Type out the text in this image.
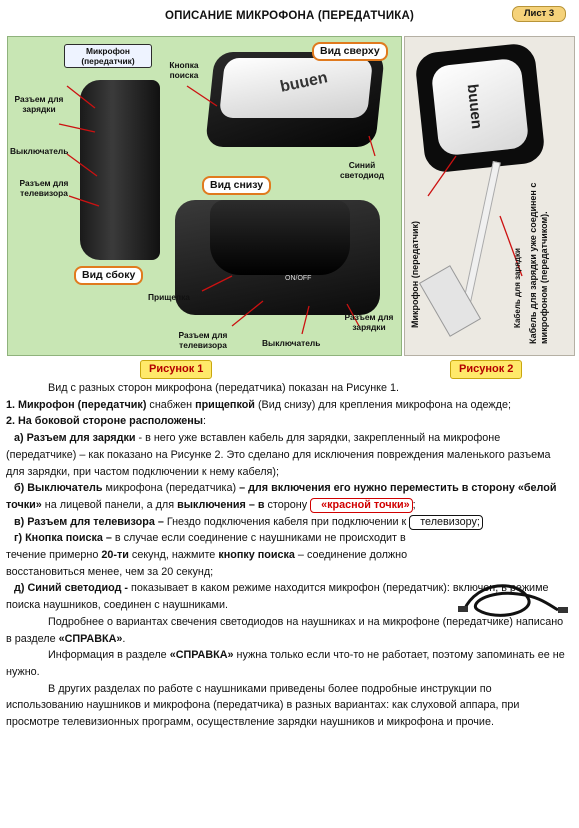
ОПИСАНИЕ МИКРОФОНА (ПЕРЕДАТЧИКА)	Лист 3
buuen
ON/OFF
Микрофон (передатчик)
Разъем для зарядки
Выключатель
Разъем для телевизора
Кнопка поиска
Вид сверху
Синий светодиод
Вид снизу
Вид сбоку
Прищепка
Разъем для телевизора	Выключатель
Разъем для зарядки
Рисунок 1
buuen
Микрофон (передатчик)	Кабель для зарядки Кабель для зарядки уже соединен с микрофоном (передатчиком).
Рисунок 2

Вид с разных сторон микрофона (передатчика) показан на Рисунке 1.

1. Микрофон (передатчик) снабжен прищепкой (Вид снизу) для крепления микрофона на одежде;

2. На боковой стороне расположены:

а) Разъем для зарядки - в него уже вставлен кабель для зарядки, закрепленный на микрофоне (передатчике) – как показано на Рисунке 2. Это сделано для исключения повреждения маленького разъема для зарядки, при частом подключении к нему кабеля);

б) Выключатель микрофона (передатчика) – для включения его нужно переместить в сторону «белой точки» на лицевой панели, а для выключения – в сторону «красной точки» ;

в) Разъем для телевизора – Гнездо подключения кабеля при подключении к телевизору;

г) Кнопка поиска – в случае если соединение с наушниками не происходит в течение примерно 20-ти секунд, нажмите кнопку поиска – соединение должно восстановиться менее, чем за 20 секунд;

д) Синий светодиод - показывает в каком режиме находится микрофон (передатчик): включен, в режиме поиска наушников, соединен с наушниками.

Подробнее о вариантах свечения светодиодов на наушниках и на микрофоне (передатчике) написано в разделе «СПРАВКА».

Информация в разделе «СПРАВКА» нужна только если что-то не работает, поэтому запоминать ее не нужно.

В других разделах по работе с наушниками приведены более подробные инструкции по использованию наушников и микрофона (передатчика) в разных вариантах: как слуховой аппара, при просмотре телевизионных программ, осуществление зарядки наушников и микрофона и прочие.
